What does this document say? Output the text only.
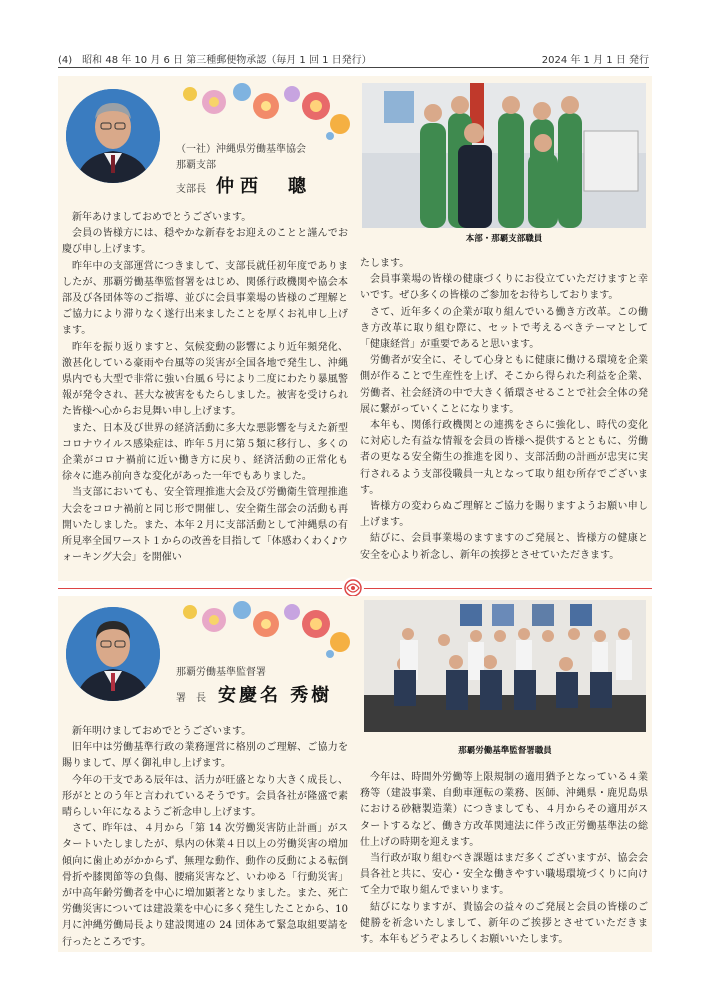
(4)　昭和 48 年 10 月 6 日 第三種郵便物承認（毎月 1 回 1 日発行）	2024 年 1 月 1 日 発行
（一社）沖縄県労働基準協会
那覇支部
支部長 仲西　聰
本部・那覇支部職員

新年あけましておめでとうございます。

会員の皆様方には、穏やかな新春をお迎えのことと謹んでお慶び申し上げます。

昨年中の支部運営につきまして、支部長就任初年度でありましたが、那覇労働基準監督署をはじめ、関係行政機関や協会本部及び各団体等のご指導、並びに会員事業場の皆様のご理解とご協力により滞りなく遂行出来ましたことを厚くお礼申し上げます。

昨年を振り返りますと、気候変動の影響により近年頻発化、激甚化している豪雨や台風等の災害が全国各地で発生し、沖縄県内でも大型で非常に強い台風６号により二度にわたり暴風警報が発令され、甚大な被害をもたらしました。被害を受けられた皆様へ心からお見舞い申し上げます。

また、日本及び世界の経済活動に多大な悪影響を与えた新型コロナウイルス感染症は、昨年５月に第５類に移行し、多くの企業がコロナ禍前に近い働き方に戻り、経済活動の正常化も徐々に進み前向きな変化があった一年でもありました。

当支部においても、安全管理推進大会及び労働衛生管理推進大会をコロナ禍前と同じ形で開催し、安全衛生部会の活動も再開いたしました。また、本年２月に支部活動として沖縄県の有所見率全国ワースト１からの改善を目指して「体感わくわく♪ウォーキング大会」を開催い

たします。

会員事業場の皆様の健康づくりにお役立ていただけますと幸いです。ぜひ多くの皆様のご参加をお待ちしております。

さて、近年多くの企業が取り組んでいる働き方改革。この働き方改革に取り組む際に、セットで考えるべきテーマとして「健康経営」が重要であると思います。

労働者が安全に、そして心身ともに健康に働ける環境を企業側が作ることで生産性を上げ、そこから得られた利益を企業、労働者、社会経済の中で大きく循環させることで社会全体の発展に繋がっていくことになります。

本年も、関係行政機関との連携をさらに強化し、時代の変化に対応した有益な情報を会員の皆様へ提供するとともに、労働者の更なる安全衛生の推進を図り、支部活動の計画が忠実に実行されるよう支部役職員一丸となって取り組む所存でございます。

皆様方の変わらぬご理解とご協力を賜りますようお願い申し上げます。

結びに、会員事業場のますますのご発展と、皆様方の健康と安全を心より祈念し、新年の挨拶とさせていただきます。

那覇労働基準監督署
署　長 安慶名 秀樹
那覇労働基準監督署職員

新年明けましておめでとうございます。

旧年中は労働基準行政の業務運営に格別のご理解、ご協力を賜りまして、厚く御礼申し上げます。

今年の干支である辰年は、活力が旺盛となり大きく成長し、形がととのう年と言われているそうです。会員各社が隆盛で素晴らしい年になるようご祈念申し上げます。

さて、昨年は、４月から「第 14 次労働災害防止計画」がスタートいたしましたが、県内の休業４日以上の労働災害の増加傾向に歯止めがかからず、無理な動作、動作の反動による転倒骨折や膝関節等の負傷、腰痛災害など、いわゆる「行動災害」が中高年齢労働者を中心に増加顕著となりました。また、死亡労働災害については建設業を中心に多く発生したことから、10 月に沖縄労働局長より建設関連の 24 団体あて緊急取組要請を行ったところです。

今年は、時間外労働等上限規制の適用猶予となっている４業務等（建設事業、自動車運転の業務、医師、沖縄県・鹿児島県における砂糖製造業）につきましても、４月からその適用がスタートするなど、働き方改革関連法に伴う改正労働基準法の総仕上げの時期を迎えます。

当行政が取り組むべき課題はまだ多くございますが、協会会員各社と共に、安心・安全な働きやすい職場環境づくりに向けて全力で取り組んでまいります。

結びになりますが、貴協会の益々のご発展と会員の皆様のご健勝を祈念いたしまして、新年のご挨拶とさせていただきます。本年もどうぞよろしくお願いいたします。
